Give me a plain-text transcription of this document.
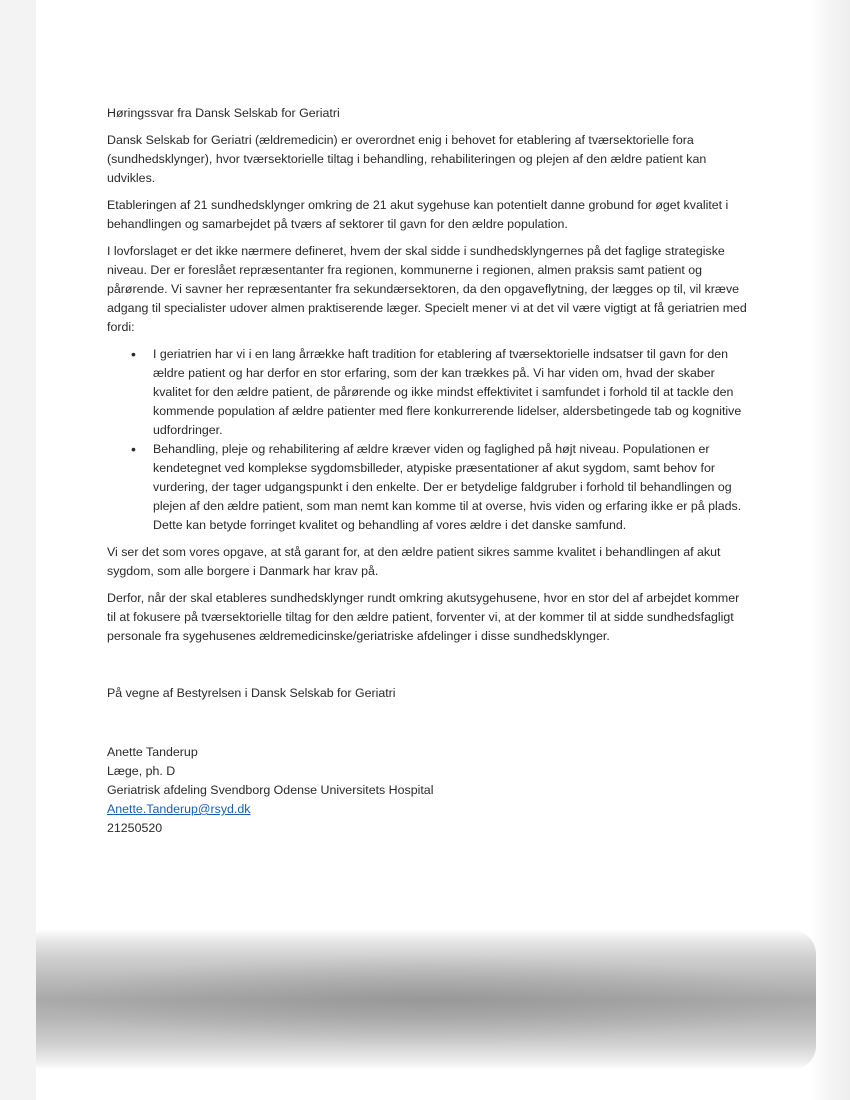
Høringssvar fra Dansk Selskab for Geriatri

Dansk Selskab for Geriatri (ældremedicin) er overordnet enig i behovet for etablering af tværsektorielle fora (sundhedsklynger), hvor tværsektorielle tiltag i behandling, rehabiliteringen og plejen af den ældre patient kan udvikles.

Etableringen af 21 sundhedsklynger omkring de 21 akut sygehuse kan potentielt danne grobund for øget kvalitet i behandlingen og samarbejdet på tværs af sektorer til gavn for den ældre population.

I lovforslaget er det ikke nærmere defineret, hvem der skal sidde i sundhedsklyngernes på det faglige strategiske niveau. Der er foreslået repræsentanter fra regionen, kommunerne i regionen, almen praksis samt patient og pårørende. Vi savner her repræsentanter fra sekundærsektoren, da den opgaveflytning, der lægges op til, vil kræve adgang til specialister udover almen praktiserende læger. Specielt mener vi at det vil være vigtigt at få geriatrien med fordi:

• I geriatrien har vi i en lang årrække haft tradition for etablering af tværsektorielle indsatser til gavn for den ældre patient og har derfor en stor erfaring, som der kan trækkes på. Vi har viden om, hvad der skaber kvalitet for den ældre patient, de pårørende og ikke mindst effektivitet i samfundet i forhold til at tackle den kommende population af ældre patienter med flere konkurrerende lidelser, aldersbetingede tab og kognitive udfordringer.
• Behandling, pleje og rehabilitering af ældre kræver viden og faglighed på højt niveau. Populationen er kendetegnet ved komplekse sygdomsbilleder, atypiske præsentationer af akut sygdom, samt behov for vurdering, der tager udgangspunkt i den enkelte. Der er betydelige faldgruber i forhold til behandlingen og plejen af den ældre patient, som man nemt kan komme til at overse, hvis viden og erfaring ikke er på plads. Dette kan betyde forringet kvalitet og behandling af vores ældre i det danske samfund.

Vi ser det som vores opgave, at stå garant for, at den ældre patient sikres samme kvalitet i behandlingen af akut sygdom, som alle borgere i Danmark har krav på.

Derfor, når der skal etableres sundhedsklynger rundt omkring akutsygehusene, hvor en stor del af arbejdet kommer til at fokusere på tværsektorielle tiltag for den ældre patient, forventer vi, at der kommer til at sidde sundhedsfagligt personale fra sygehusenes ældremedicinske/geriatriske afdelinger i disse sundhedsklynger.

På vegne af Bestyrelsen i Dansk Selskab for Geriatri

Anette Tanderup

Læge, ph. D

Geriatrisk afdeling Svendborg Odense Universitets Hospital

Anette.Tanderup@rsyd.dk

21250520
